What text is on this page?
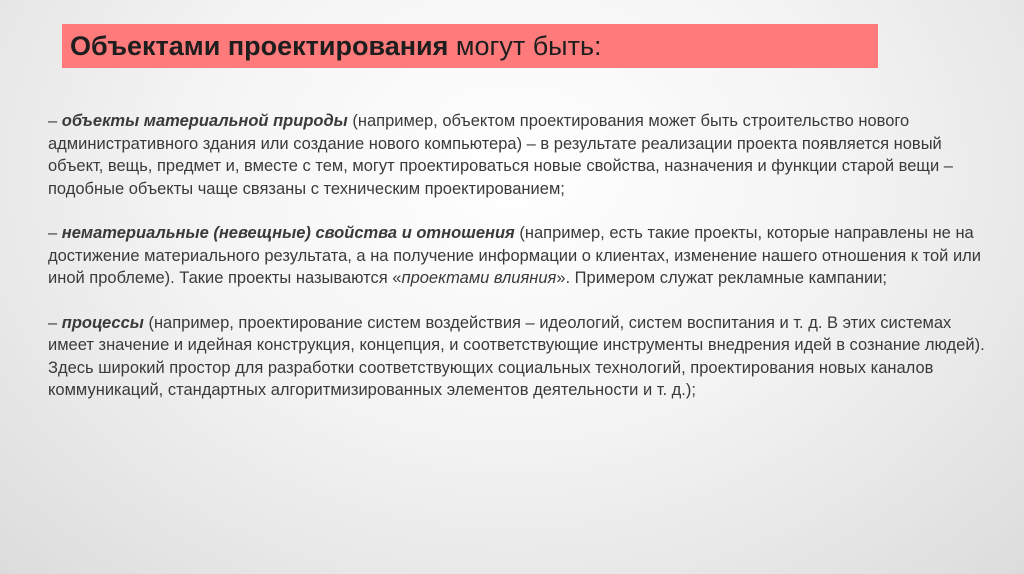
Объектами проектирования могут быть:

– объекты материальной природы (например, объектом проектирования может быть строительство нового административного здания или создание нового компьютера) – в результате реализации проекта появляется новый объект, вещь, предмет и, вместе с тем, могут проектироваться новые свойства, назначения и функции старой вещи – подобные объекты чаще связаны с техническим проектированием;

– нематериальные (невещные) свойства и отношения (например, есть такие проекты, которые направлены не на достижение материального результата, а на получение информации о клиентах, изменение нашего отношения к той или иной проблеме). Такие проекты называются «проектами влияния». Примером служат рекламные кампании;

– процессы (например, проектирование систем воздействия – идеологий, систем воспитания и т. д. В этих системах имеет значение и идейная конструкция, концепция, и соответствующие инструменты внедрения идей в сознание людей). Здесь широкий простор для разработки соответствующих социальных технологий, проектирования новых каналов коммуникаций, стандартных алгоритмизированных элементов деятельности и т. д.);
